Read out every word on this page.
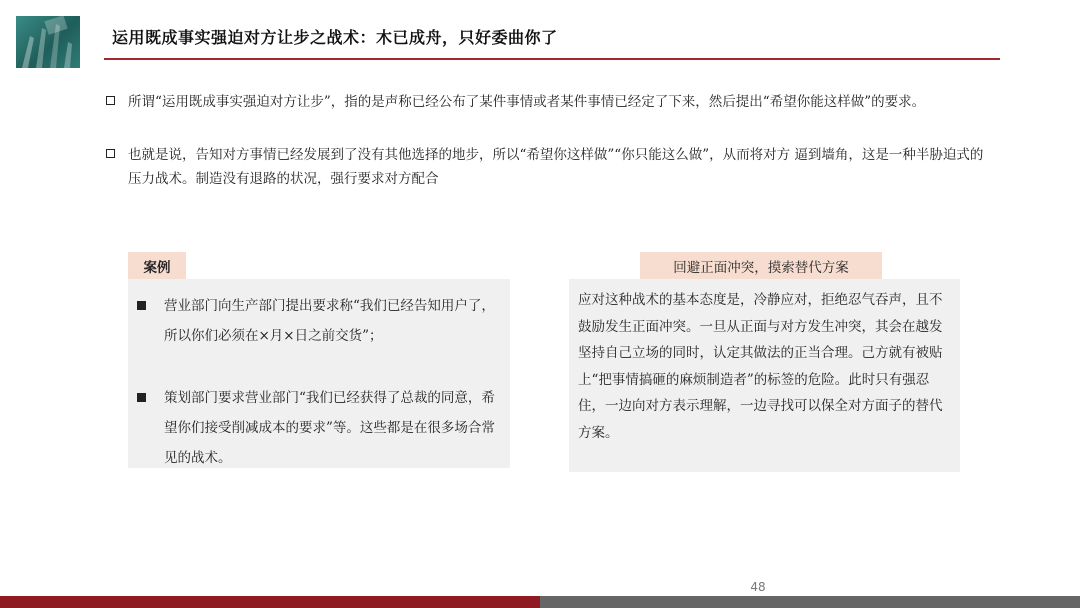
运用既成事实强迫对方让步之战术：木已成舟，只好委曲你了
所谓“运用既成事实强迫对方让步”，指的是声称已经公布了某件事情或者某件事情已经定了下来，然后提出“希望你能这样做”的要求。
也就是说，告知对方事情已经发展到了没有其他选择的地步，所以“希望你这样做”“你只能这么做”，从而将对方 逼到墙角，这是一种半胁迫式的压力战术。制造没有退路的状况，强行要求对方配合
案例
营业部门向生产部门提出要求称“我们已经告知用户了，所以你们必须在×月×日之前交货”；
策划部门要求营业部门“我们已经获得了总裁的同意，希望你们接受削减成本的要求”等。这些都是在很多场合常见的战术。
回避正面冲突，摸索替代方案
应对这种战术的基本态度是，冷静应对，拒绝忍气吞声，且不鼓励发生正面冲突。一旦从正面与对方发生冲突，其会在越发坚持自己立场的同时，认定其做法的正当合理。己方就有被贴上“把事情搞砸的麻烦制造者”的标签的危险。此时只有强忍住，一边向对方表示理解，一边寻找可以保全对方面子的替代方案。
48
